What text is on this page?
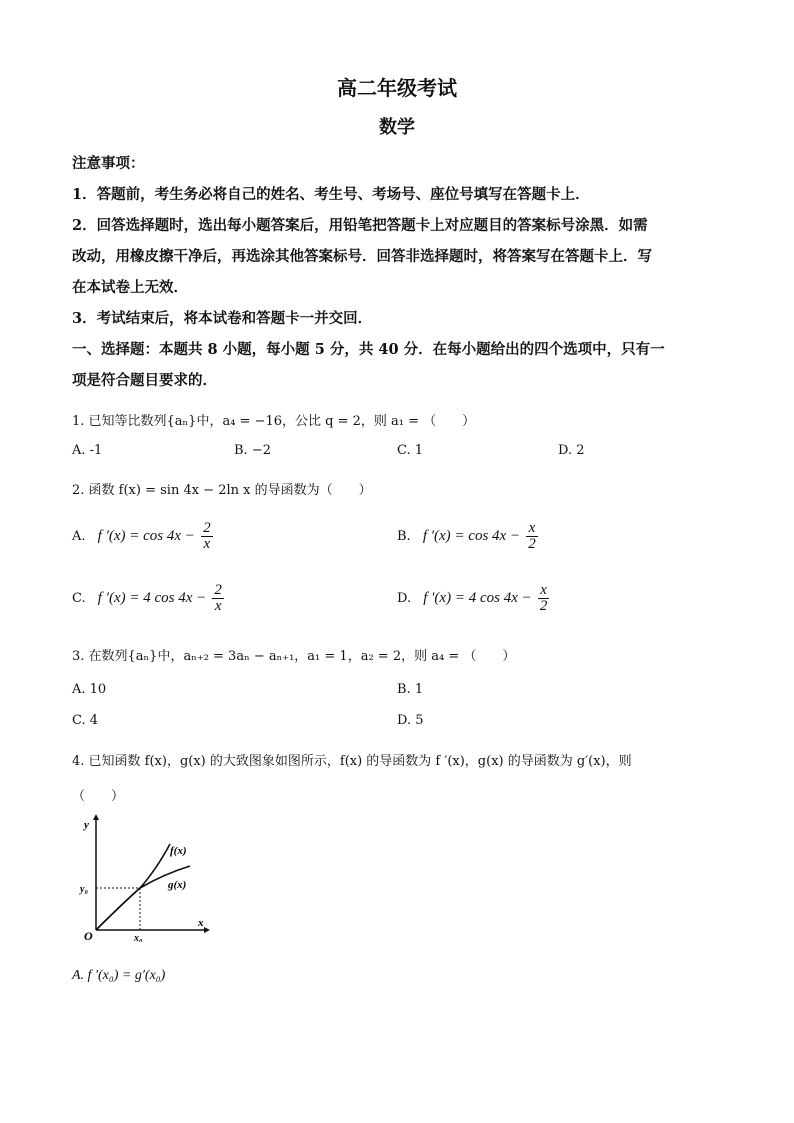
高二年级考试
数学
注意事项：
1．答题前，考生务必将自己的姓名、考生号、考场号、座位号填写在答题卡上．
2．回答选择题时，选出每小题答案后，用铅笔把答题卡上对应题目的答案标号涂黑．如需
改动，用橡皮擦干净后，再选涂其他答案标号．回答非选择题时，将答案写在答题卡上．写
在本试卷上无效．
3．考试结束后，将本试卷和答题卡一并交回．
一、选择题：本题共 8 小题，每小题 5 分，共 40 分．在每小题给出的四个选项中，只有一
项是符合题目要求的．
1. 已知等比数列{aₙ}中，a₄ = −16，公比 q = 2，则 a₁ = （　　）
A. -1	B. −2	C. 1	D. 2
2. 函数 f(x) = sin 4x − 2ln x 的导函数为（　　）
A. f $'(x) = \cos 4x - \frac{2}{x}$	B. f $'(x) = \cos 4x - \frac{x}{2}$
C. f ′(x) = 4 $\cos 4x - \frac{2}{x}$	D. f ′(x) = 4 $\cos 4x - \frac{x}{2}$
3. 在数列{aₙ}中，aₙ₊₂ = 3aₙ − aₙ₊₁，a₁ = 1，a₂ = 2，则 a₄ = （　　）
A. 10	B. 1
C. 4	D. 5
4. 已知函数 f(x)，g(x) 的大致图象如图所示，f(x) 的导函数为 f ′(x)，g(x) 的导函数为 g′(x)，则
（　　）
y
x
O
y₀
x₀
f(x)
g(x)
A. f ′(x₀) = g′(x₀)
